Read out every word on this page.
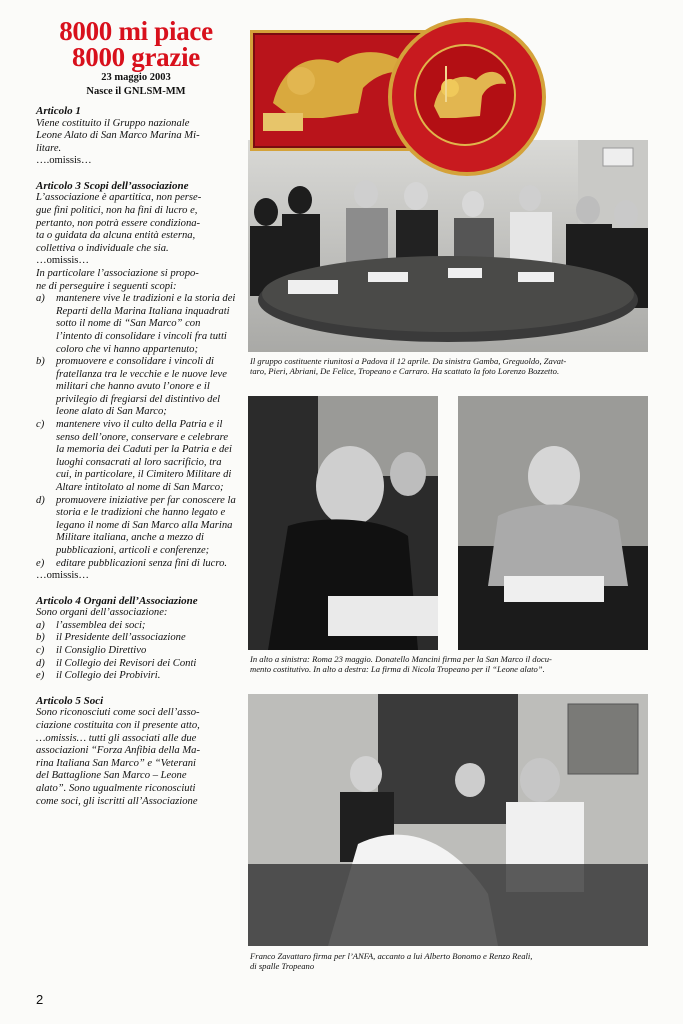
8000 mi piace
8000 grazie
23 maggio 2003
Nasce il GNLSM-MM
Articolo 1
Viene costituito il Gruppo nazionale
Leone Alato di San Marco Marina Mi-
litare.
….omissis…
Articolo 3 Scopi dell’associazione
L’associazione è apartitica, non perse-
gue fini politici, non ha fini di lucro e,
pertanto, non potrà essere condiziona-
ta o guidata da alcuna entità esterna,
collettiva o individuale che sia.
…omissis…
In particolare l’associazione si propo-
ne di perseguire i seguenti scopi:
a) mantenere vive le tradizioni e la storia dei Reparti della Marina Italiana inquadrati sotto il nome di “San Marco” con l’intento di consolidare i vincoli fra tutti coloro che vi hanno appartenuto;
b) promuovere e consolidare i vincoli di fratellanza tra le vecchie e le nuove leve militari che hanno avuto l’onore e il privilegio di fregiarsi del distintivo del leone alato di San Marco;
c) mantenere vivo il culto della Patria e il senso dell’onore, conservare e celebrare la memoria dei Caduti per la Patria e dei luoghi consacrati al loro sacrificio, tra cui, in particolare, il Cimitero Militare di Altare intitolato al nome di San Marco;
d) promuovere iniziative per far conoscere la storia e le tradizioni che hanno legato e legano il nome di San Marco alla Marina Militare italiana, anche a mezzo di pubblicazioni, articoli e conferenze;
e) editare pubblicazioni senza fini di lucro.
…omissis…
Articolo 4 Organi dell’Associazione
Sono organi dell’associazione:
a) l’assemblea dei soci;
b) il Presidente dell’associazione
c) il Consiglio Direttivo
d) il Collegio dei Revisori dei Conti
e) il Collegio dei Probiviri.
Articolo 5 Soci
Sono riconosciuti come soci dell’asso-
ciazione costituita con il presente atto,
…omissis… tutti gli associati alle due
associazioni “Forza Anfibia della Ma-
rina Italiana San Marco” e “Veterani
del Battaglione San Marco – Leone
alato”. Sono ugualmente riconosciuti
come soci, gli iscritti all’Associazione
Il gruppo costituente riunitosi a Padova il 12 aprile. Da sinistra Gamba, Greguoldo, Zavat-
taro, Pieri, Abriani, De Felice, Tropeano e Carraro. Ha scattato la foto Lorenzo Bozzetto.
In alto a sinistra: Roma 23 maggio. Donatello Mancini firma per la San Marco il docu-
mento costitutivo. In alto a destra: La firma di Nicola Tropeano per il “Leone alato”.
Franco Zavattaro firma per l’ANFA, accanto a lui Alberto Bonomo e Renzo Reali,
di spalle Tropeano
2
